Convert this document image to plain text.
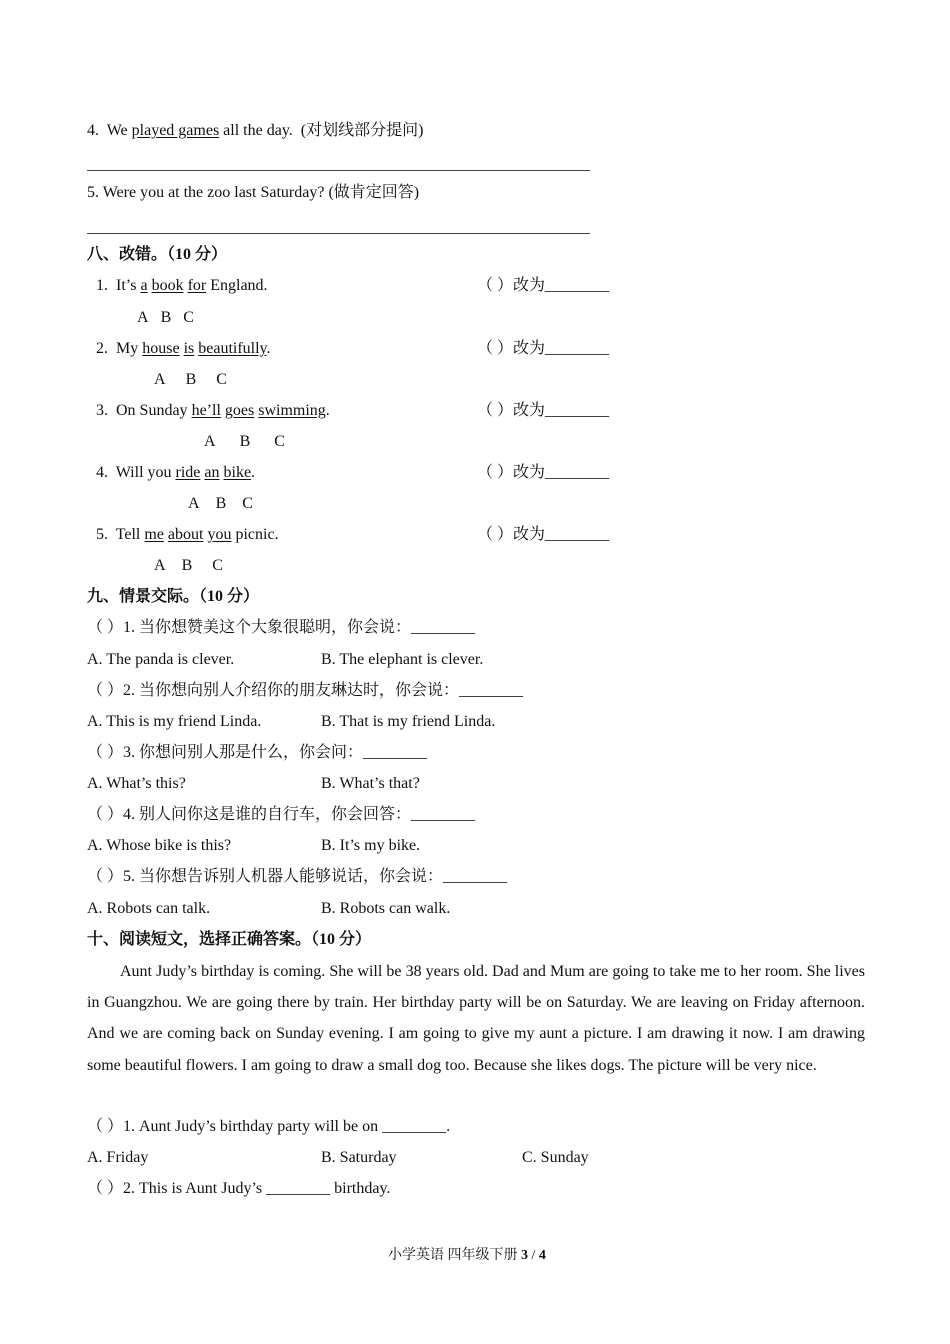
4. We played games all the day. (对划线部分提问)
5. Were you at the zoo last Saturday? (做肯定回答)
八、改错。（10 分）
1. It’s a book for England.	（ ）改为________
A B C
2. My house is beautifully.	（ ）改为________
A B C
3. On Sunday he’ll goes swimming.	（ ）改为________
A B C
4. Will you ride an bike.	（ ）改为________
A B C
5. Tell me about you picnic.	（ ）改为________
A B C
九、情景交际。（10 分）
（ ）1. 当你想赞美这个大象很聪明，你会说：________
A. The panda is clever.	B. The elephant is clever.
（ ）2. 当你想向别人介绍你的朋友琳达时，你会说：________
A. This is my friend Linda.	B. That is my friend Linda.
（ ）3. 你想问别人那是什么，你会问：________
A. What’s this?	B. What’s that?
（ ）4. 别人问你这是谁的自行车，你会回答：________
A. Whose bike is this?	B. It’s my bike.
（ ）5. 当你想告诉别人机器人能够说话，你会说：________
A. Robots can talk.	B. Robots can walk.
十、阅读短文，选择正确答案。（10 分）
Aunt Judy’s birthday is coming. She will be 38 years old. Dad and Mum are going to take me to her room. She lives in Guangzhou. We are going there by train. Her birthday party will be on Saturday. We are leaving on Friday afternoon. And we are coming back on Sunday evening. I am going to give my aunt a picture. I am drawing it now. I am drawing some beautiful flowers. I am going to draw a small dog too. Because she likes dogs. The picture will be very nice.
（ ）1. Aunt Judy’s birthday party will be on ________.
A. Friday	B. Saturday	C. Sunday
（ ）2. This is Aunt Judy’s ________ birthday.
小学英语 四年级下册 3 / 4
